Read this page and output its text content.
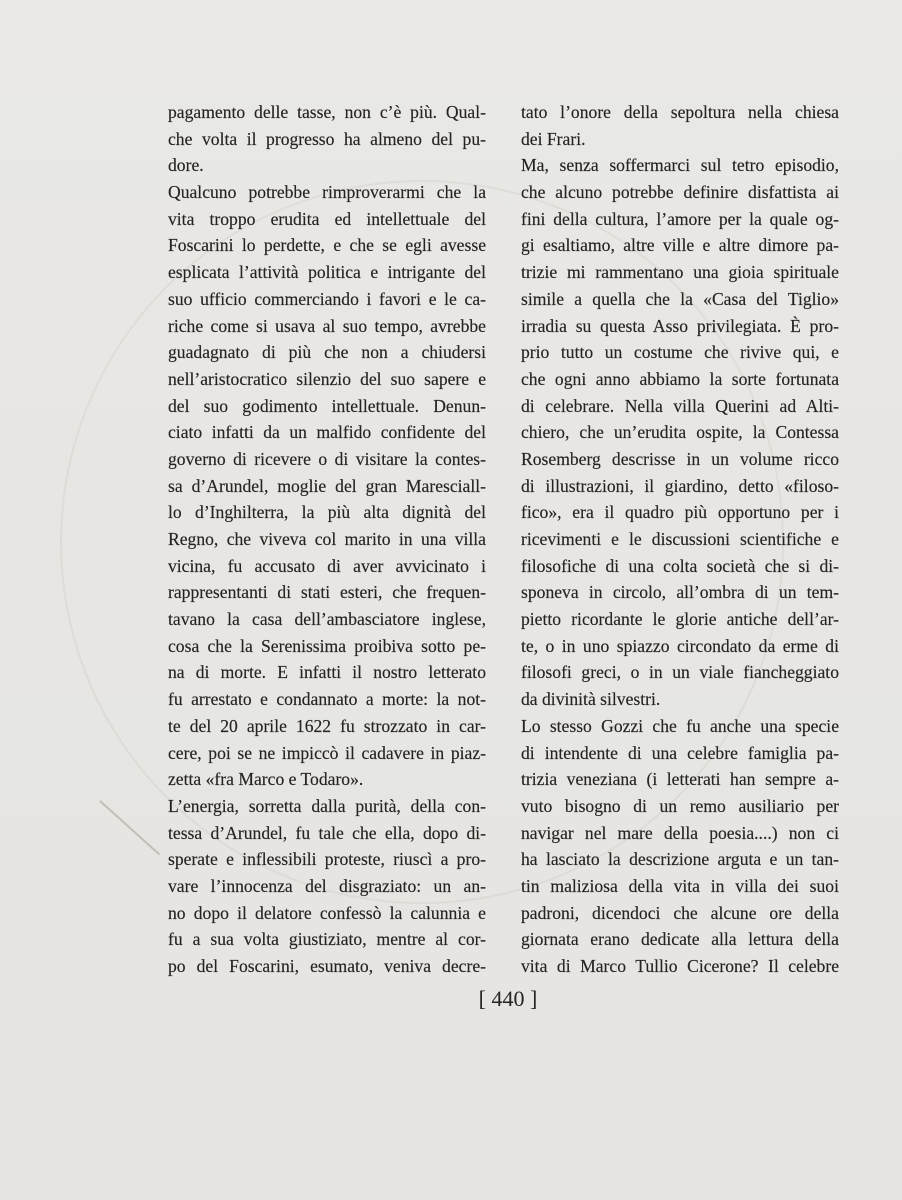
pagamento delle tasse, non c’è più. Qual-
che volta il progresso ha almeno del pu-
dore.
Qualcuno potrebbe rimproverarmi che la
vita troppo erudita ed intellettuale del
Foscarini lo perdette, e che se egli avesse
esplicata l’attività politica e intrigante del
suo ufficio commerciando i favori e le ca-
riche come si usava al suo tempo, avrebbe
guadagnato di più che non a chiudersi
nell’aristocratico silenzio del suo sapere e
del suo godimento intellettuale. Denun-
ciato infatti da un malfido confidente del
governo di ricevere o di visitare la contes-
sa d’Arundel, moglie del gran Maresciall-
lo d’Inghilterra, la più alta dignità del
Regno, che viveva col marito in una villa
vicina, fu accusato di aver avvicinato i
rappresentanti di stati esteri, che frequen-
tavano la casa dell’ambasciatore inglese,
cosa che la Serenissima proibiva sotto pe-
na di morte. E infatti il nostro letterato
fu arrestato e condannato a morte: la not-
te del 20 aprile 1622 fu strozzato in car-
cere, poi se ne impiccò il cadavere in piaz-
zetta «fra Marco e Todaro».
L’energia, sorretta dalla purità, della con-
tessa d’Arundel, fu tale che ella, dopo di-
sperate e inflessibili proteste, riuscì a pro-
vare l’innocenza del disgraziato: un an-
no dopo il delatore confessò la calunnia e
fu a sua volta giustiziato, mentre al cor-
po del Foscarini, esumato, veniva decre-
tato l’onore della sepoltura nella chiesa
dei Frari.
Ma, senza soffermarci sul tetro episodio,
che alcuno potrebbe definire disfattista ai
fini della cultura, l’amore per la quale og-
gi esaltiamo, altre ville e altre dimore pa-
trizie mi rammentano una gioia spirituale
simile a quella che la «Casa del Tiglio»
irradia su questa Asso privilegiata. È pro-
prio tutto un costume che rivive qui, e
che ogni anno abbiamo la sorte fortunata
di celebrare. Nella villa Querini ad Alti-
chiero, che un’erudita ospite, la Contessa
Rosemberg descrisse in un volume ricco
di illustrazioni, il giardino, detto «filoso-
fico», era il quadro più opportuno per i
ricevimenti e le discussioni scientifiche e
filosofiche di una colta società che si di-
sponeva in circolo, all’ombra di un tem-
pietto ricordante le glorie antiche dell’ar-
te, o in uno spiazzo circondato da erme di
filosofi greci, o in un viale fiancheggiato
da divinità silvestri.
Lo stesso Gozzi che fu anche una specie
di intendente di una celebre famiglia pa-
trizia veneziana (i letterati han sempre a-
vuto bisogno di un remo ausiliario per
navigar nel mare della poesia....) non ci
ha lasciato la descrizione arguta e un tan-
tin maliziosa della vita in villa dei suoi
padroni, dicendoci che alcune ore della
giornata erano dedicate alla lettura della
vita di Marco Tullio Cicerone? Il celebre
[ 440 ]
